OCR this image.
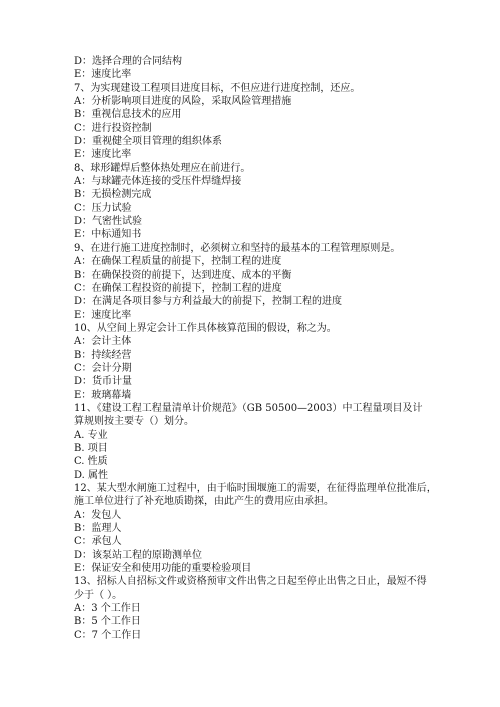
D：选择合理的合同结构
E：速度比率
7、为实现建设工程项目进度目标，不但应进行进度控制，还应。
A：分析影响项目进度的风险，采取风险管理措施
B：重视信息技术的应用
C：进行投资控制
D：重视健全项目管理的组织体系
E：速度比率
8、球形罐焊后整体热处理应在前进行。
A：与球罐壳体连接的受压件焊缝焊接
B：无损检测完成
C：压力试验
D：气密性试验
E：中标通知书
9、在进行施工进度控制时，必须树立和坚持的最基本的工程管理原则是。
A：在确保工程质量的前提下，控制工程的进度
B：在确保投资的前提下，达到进度、成本的平衡
C：在确保工程投资的前提下，控制工程的进度
D：在满足各项目参与方利益最大的前提下，控制工程的进度
E：速度比率
10、从空间上界定会计工作具体核算范围的假设，称之为。
A：会计主体
B：持续经营
C：会计分期
D：货币计量
E：玻璃幕墙
11、《建设工程工程量清单计价规范》（GB 50500—2003）中工程量项目及计
算规则按主要专（）划分。
A. 专业
B. 项目
C. 性质
D. 属性
12、某大型水闸施工过程中，由于临时围堰施工的需要，在征得监理单位批准后，
施工单位进行了补充地质勘探，由此产生的费用应由承担。
A：发包人
B：监理人
C：承包人
D：该泵站工程的原勘测单位
E：保证安全和使用功能的重要检验项目
13、招标人自招标文件或资格预审文件出售之日起至停止出售之日止，最短不得
少于（ ）。
A：3 个工作日
B：5 个工作日
C：7 个工作日
